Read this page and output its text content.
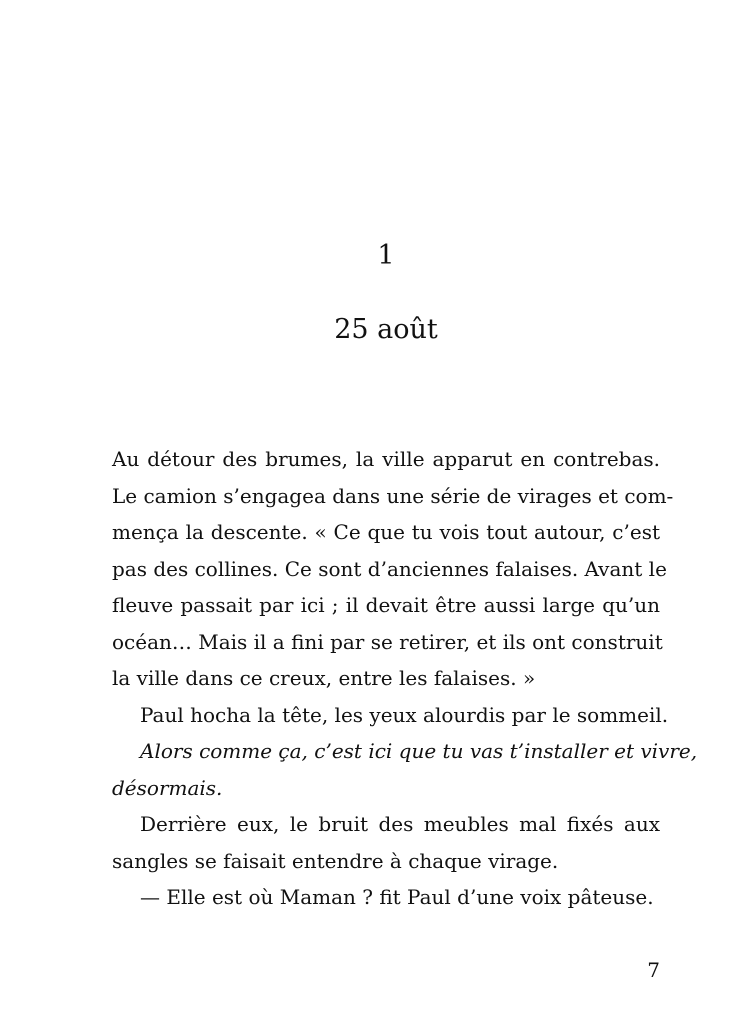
1
25 août
Au détour des brumes, la ville apparut en contrebas.
Le camion s’engagea dans une série de virages et com-
mença la descente. « Ce que tu vois tout autour, c’est
pas des collines. Ce sont d’anciennes falaises. Avant le
fleuve passait par ici ; il devait être aussi large qu’un
océan… Mais il a fini par se retirer, et ils ont construit
la ville dans ce creux, entre les falaises. »
Paul hocha la tête, les yeux alourdis par le sommeil.
Alors comme ça, c’est ici que tu vas t’installer et vivre,
désormais.
Derrière eux, le bruit des meubles mal fixés aux
sangles se faisait entendre à chaque virage.
— Elle est où Maman ? fit Paul d’une voix pâteuse.
7
